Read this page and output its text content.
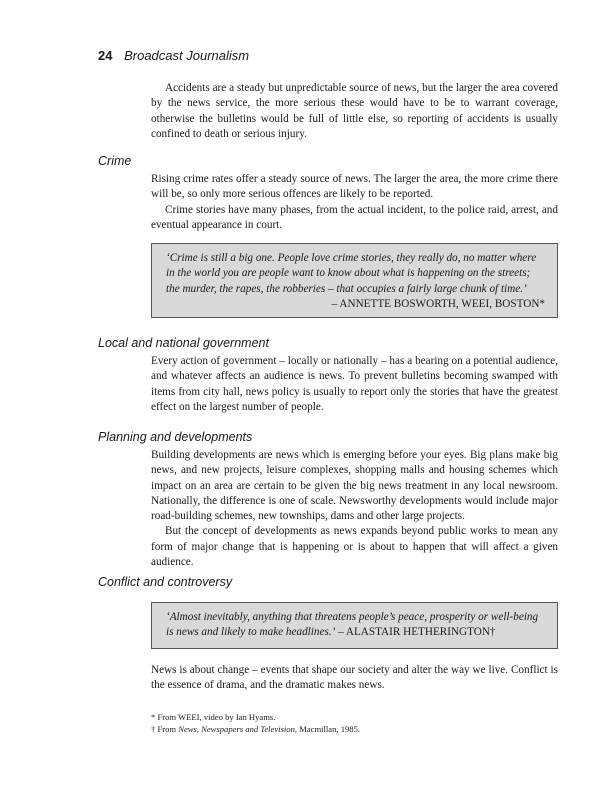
24 Broadcast Journalism

Accidents are a steady but unpredictable source of news, but the larger the area covered by the news service, the more serious these would have to be to warrant coverage, otherwise the bulletins would be full of little else, so reporting of accidents is usually confined to death or serious injury.

Crime

Rising crime rates offer a steady source of news. The larger the area, the more crime there will be, so only more serious offences are likely to be reported.

Crime stories have many phases, from the actual incident, to the police raid, arrest, and eventual appearance in court.

‘Crime is still a big one. People love crime stories, they really do, no matter where in the world you are people want to know about what is happening on the streets; the murder, the rapes, the robberies – that occupies a fairly large chunk of time.’
– ANNETTE BOSWORTH, WEEI, BOSTON*
Local and national government

Every action of government – locally or nationally – has a bearing on a potential audience, and whatever affects an audience is news. To prevent bulletins becoming swamped with items from city hall, news policy is usually to report only the stories that have the greatest effect on the largest number of people.

Planning and developments

Building developments are news which is emerging before your eyes. Big plans make big news, and new projects, leisure complexes, shopping malls and housing schemes which impact on an area are certain to be given the big news treatment in any local newsroom. Nationally, the difference is one of scale. Newsworthy developments would include major road-building schemes, new townships, dams and other large projects.

But the concept of developments as news expands beyond public works to mean any form of major change that is happening or is about to happen that will affect a given audience.

Conflict and controversy
‘Almost inevitably, anything that threatens people’s peace, prosperity or well-being is news and likely to make headlines.’ – ALASTAIR HETHERINGTON†

News is about change – events that shape our society and alter the way we live. Conflict is the essence of drama, and the dramatic makes news.

* From WEEI, video by Ian Hyams.
† From News, Newspapers and Television, Macmillan, 1985.
